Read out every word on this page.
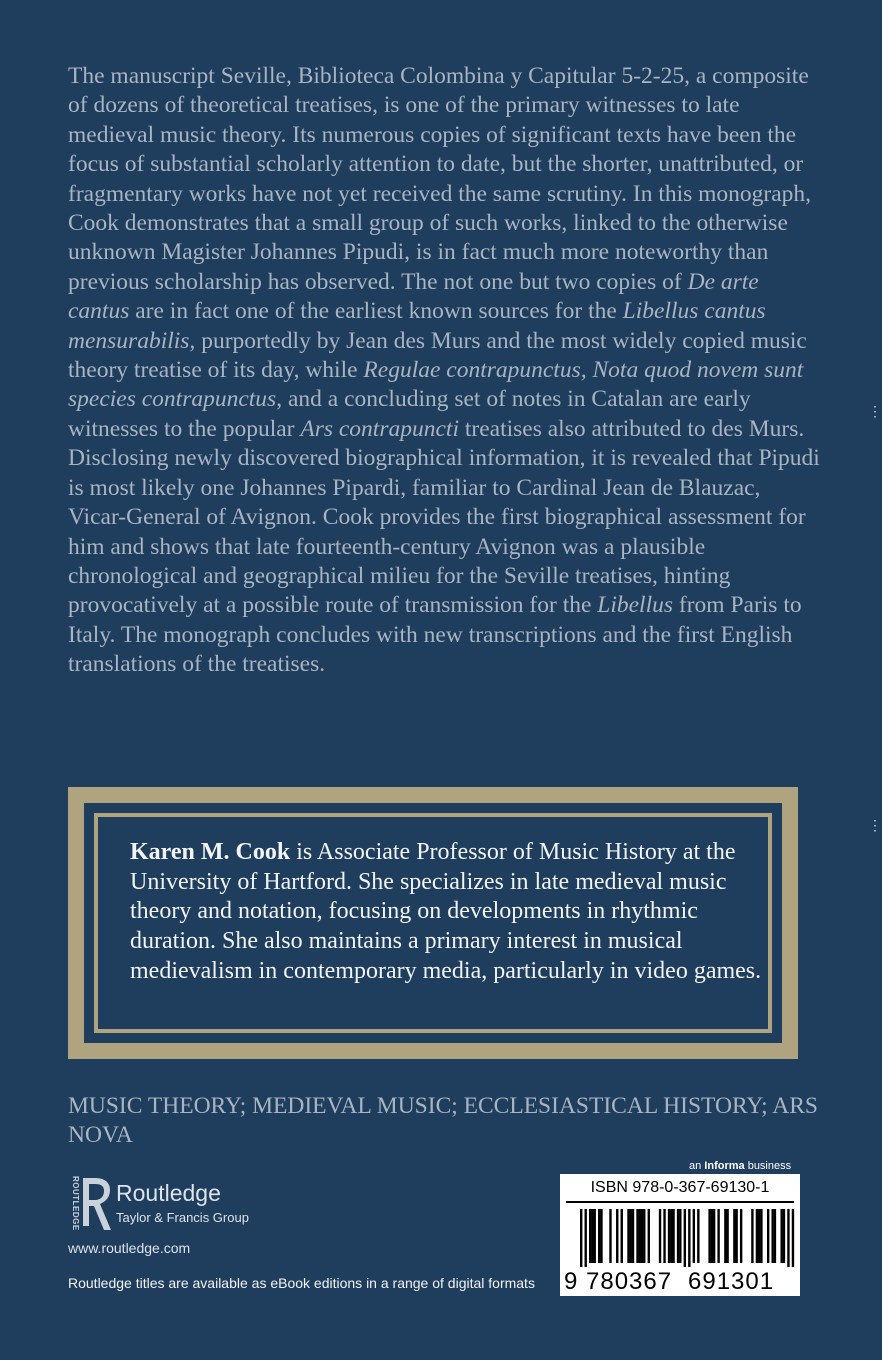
The manuscript Seville, Biblioteca Colombina y Capitular 5-2-25, a composite of dozens of theoretical treatises, is one of the primary witnesses to late medieval music theory. Its numerous copies of significant texts have been the focus of substantial scholarly attention to date, but the shorter, unattributed, or fragmentary works have not yet received the same scrutiny. In this monograph, Cook demonstrates that a small group of such works, linked to the otherwise unknown Magister Johannes Pipudi, is in fact much more noteworthy than previous scholarship has observed. The not one but two copies of De arte cantus are in fact one of the earliest known sources for the Libellus cantus mensurabilis, purportedly by Jean des Murs and the most widely copied music theory treatise of its day, while Regulae contrapunctus, Nota quod novem sunt species contrapunctus, and a concluding set of notes in Catalan are early witnesses to the popular Ars contrapuncti treatises also attributed to des Murs. Disclosing newly discovered biographical information, it is revealed that Pipudi is most likely one Johannes Pipardi, familiar to Cardinal Jean de Blauzac, Vicar-General of Avignon. Cook provides the first biographical assessment for him and shows that late fourteenth-century Avignon was a plausible chronological and geographical milieu for the Seville treatises, hinting provocatively at a possible route of transmission for the Libellus from Paris to Italy. The monograph concludes with new transcriptions and the first English translations of the treatises.

⋮
⋮

Karen M. Cook is Associate Professor of Music History at the University of Hartford. She specializes in late medieval music theory and notation, focusing on developments in rhythmic duration. She also maintains a primary interest in musical medievalism in contemporary media, particularly in video games.

MUSIC THEORY; MEDIEVAL MUSIC; ECCLESIASTICAL HISTORY; ARS NOVA
ROUTLEDGE Routledge
Taylor & Francis Group
www.routledge.com
Routledge titles are available as eBook editions in a range of digital formats
an Informa business
ISBN 978-0-367-69130-1
9 780367 691301
